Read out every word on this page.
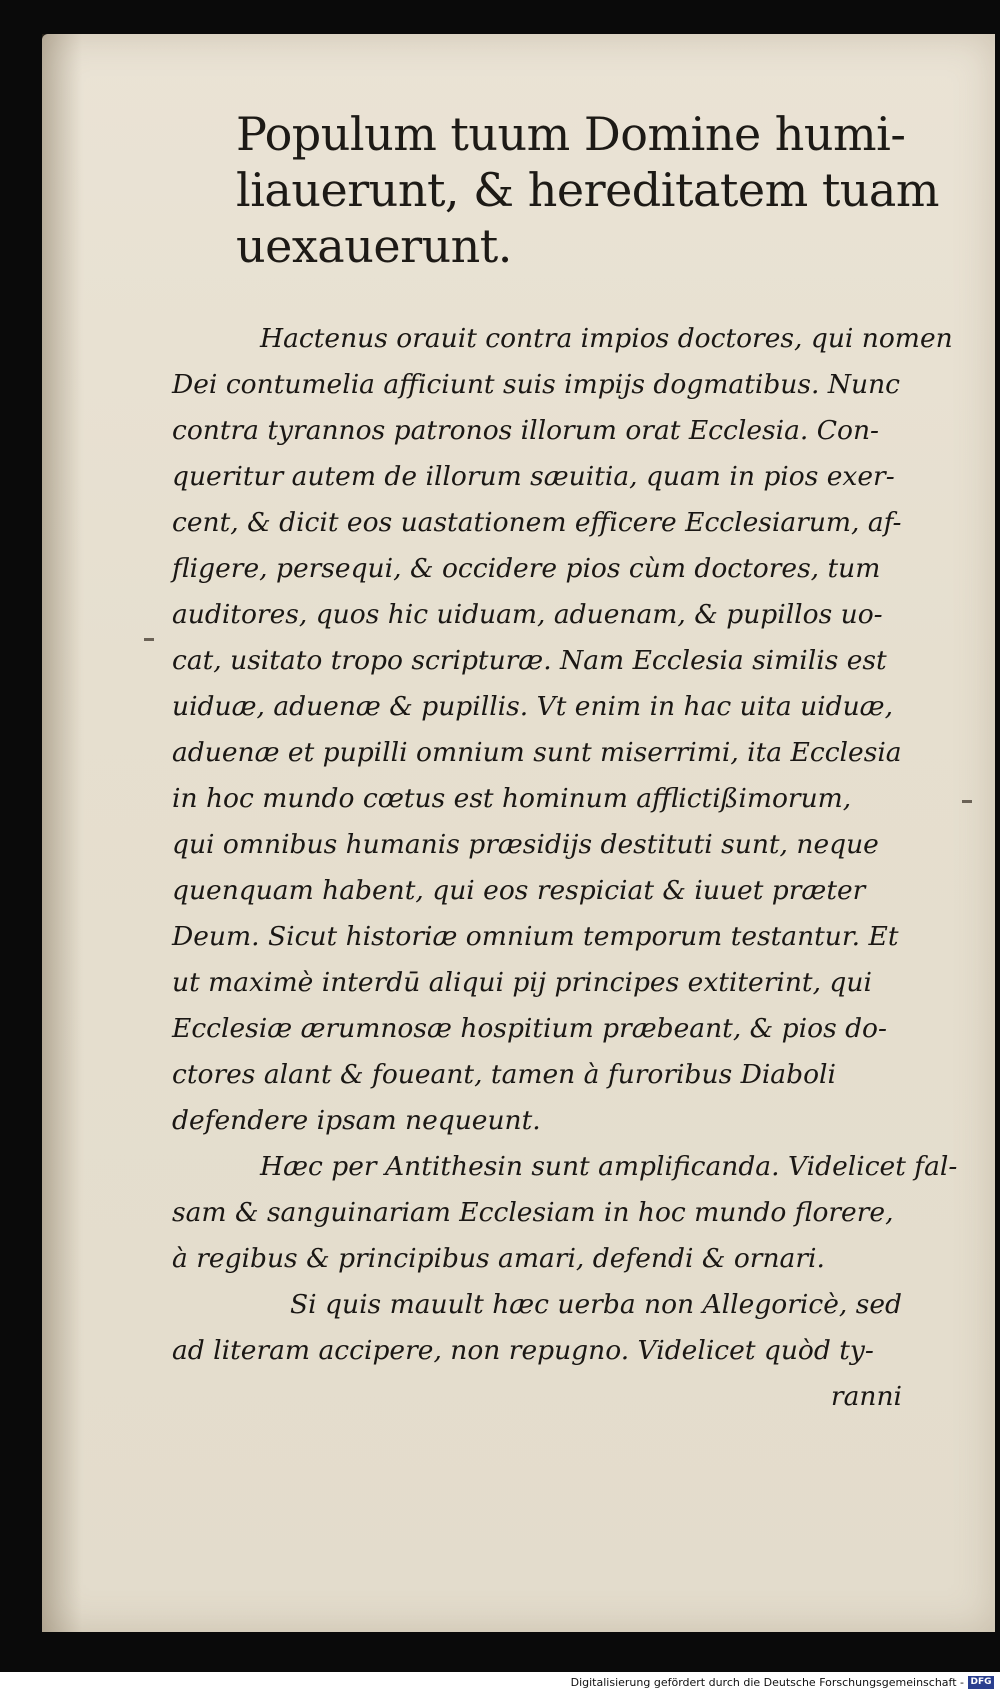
Populum tuum Domine humi-
liauerunt, & hereditatem tuam
uexauerunt.
Hactenus orauit contra impios doctores, qui nomen
Dei contumelia afficiunt suis impijs dogmatibus. Nunc
contra tyrannos patronos illorum orat Ecclesia. Con-
queritur autem de illorum sæuitia, quam in pios exer-
cent, & dicit eos uastationem efficere Ecclesiarum, af-
fligere, persequi, & occidere pios cùm doctores, tum
auditores, quos hic uiduam, aduenam, & pupillos uo-
cat, usitato tropo scripturæ. Nam Ecclesia similis est
uiduæ, aduenæ & pupillis. Vt enim in hac uita uiduæ,
aduenæ et pupilli omnium sunt miserrimi, ita Ecclesia
in hoc mundo cœtus est hominum afflictißimorum,
qui omnibus humanis præsidijs destituti sunt, neque
quenquam habent, qui eos respiciat & iuuet præter
Deum. Sicut historiæ omnium temporum testantur. Et
ut maximè interdū aliqui pij principes extiterint, qui
Ecclesiæ ærumnosæ hospitium præbeant, & pios do-
ctores alant & foueant, tamen à furoribus Diaboli
defendere ipsam nequeunt.
Hæc per Antithesin sunt amplificanda. Videlicet fal-
sam & sanguinariam Ecclesiam in hoc mundo florere,
à regibus & principibus amari, defendi & ornari.
Si quis mauult hæc uerba non Allegoricè, sed
ad literam accipere, non repugno. Videlicet quòd ty-
ranni
Digitalisierung gefördert durch die Deutsche Forschungsgemeinschaft - DFG
